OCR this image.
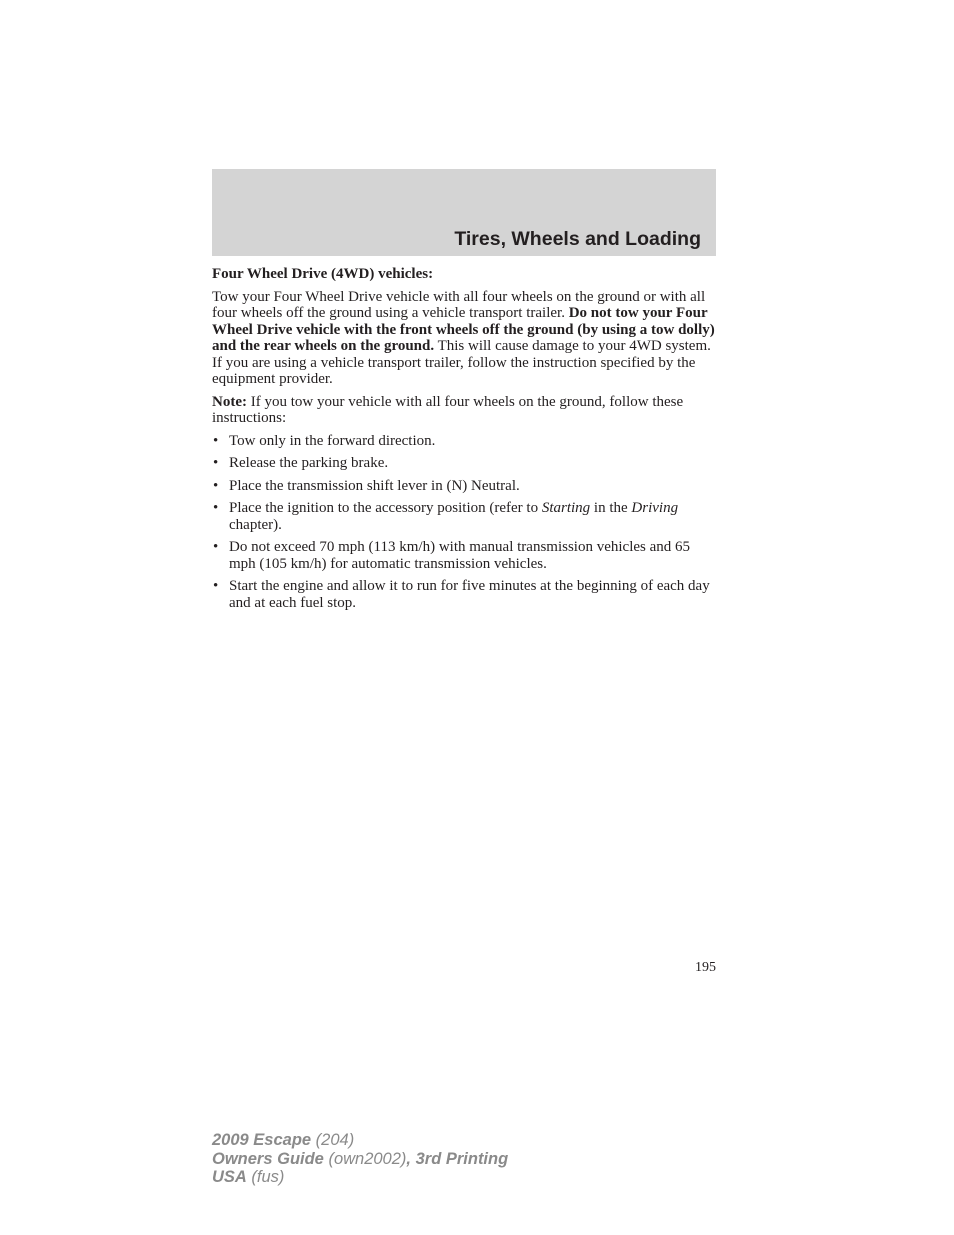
Tires, Wheels and Loading

Four Wheel Drive (4WD) vehicles:

Tow your Four Wheel Drive vehicle with all four wheels on the ground or with all four wheels off the ground using a vehicle transport trailer. Do not tow your Four Wheel Drive vehicle with the front wheels off the ground (by using a tow dolly) and the rear wheels on the ground. This will cause damage to your 4WD system. If you are using a vehicle transport trailer, follow the instruction specified by the equipment provider.

Note: If you tow your vehicle with all four wheels on the ground, follow these instructions:

• Tow only in the forward direction.
• Release the parking brake.
• Place the transmission shift lever in (N) Neutral.
• Place the ignition to the accessory position (refer to Starting in the Driving chapter).
• Do not exceed 70 mph (113 km/h) with manual transmission vehicles and 65 mph (105 km/h) for automatic transmission vehicles.
• Start the engine and allow it to run for five minutes at the beginning of each day and at each fuel stop.
195
2009 Escape (204)
Owners Guide (own2002), 3rd Printing
USA (fus)
